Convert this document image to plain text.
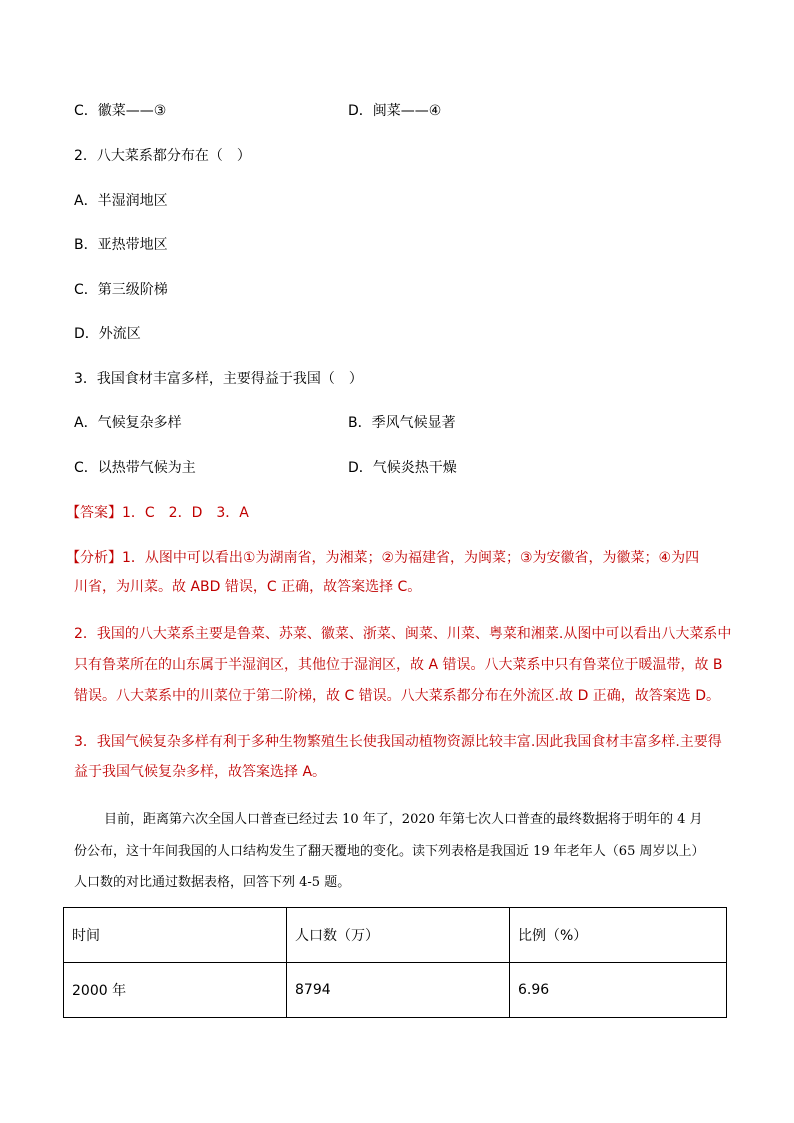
C．徽菜——③	D．闽菜——④
2．八大菜系都分布在（　）
A．半湿润地区
B．亚热带地区
C．第三级阶梯
D．外流区
3．我国食材丰富多样，主要得益于我国（　）
A．气候复杂多样	B．季风气候显著
C．以热带气候为主	D．气候炎热干燥
【答案】1．C　2．D　3．A
【分析】1．从图中可以看出①为湖南省，为湘菜；②为福建省，为闽菜；③为安徽省，为徽菜；④为四
川省，为川菜。故 ABD 错误，C 正确，故答案选择 C。
2．我国的八大菜系主要是鲁菜、苏菜、徽菜、浙菜、闽菜、川菜、粤菜和湘菜.从图中可以看出八大菜系中
只有鲁菜所在的山东属于半湿润区，其他位于湿润区，故 A 错误。八大菜系中只有鲁菜位于暖温带，故 B
错误。八大菜系中的川菜位于第二阶梯，故 C 错误。八大菜系都分布在外流区.故 D 正确，故答案选 D。
3．我国气候复杂多样有利于多种生物繁殖生长使我国动植物资源比较丰富.因此我国食材丰富多样.主要得
益于我国气候复杂多样，故答案选择 A。
目前，距离第六次全国人口普查已经过去 10 年了，2020 年第七次人口普查的最终数据将于明年的 4 月
份公布，这十年间我国的人口结构发生了翻天覆地的变化。读下列表格是我国近 19 年老年人（65 周岁以上）
人口数的对比通过数据表格，回答下列 4-5 题。
时间	人口数（万）	比例（%）
2000 年	8794	6.96
